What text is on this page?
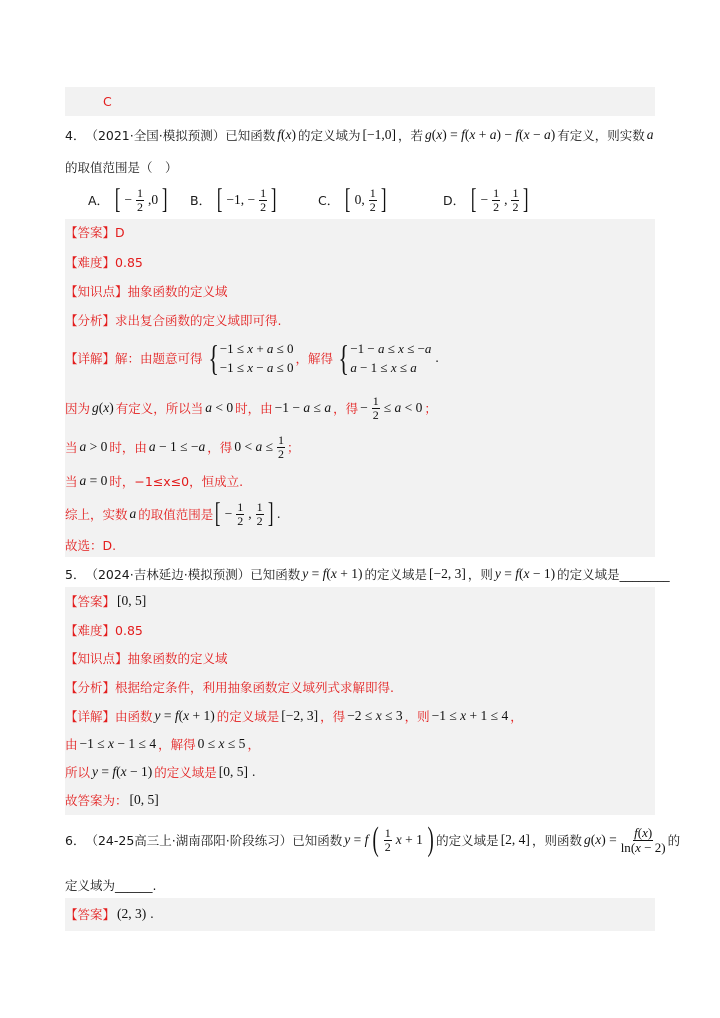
C
4． （2021·全国·模拟预测） 已知函数 f(x) 的定义域为 [−1,0] ，若 g(x) = f(x + a) − f(x − a) 有定义，则实数 a
的取值范围是（　）
A． [ − $\frac{1}{2} ,0$ ] B． [ −1, − $\frac{1}{2}$ ]	C． [ 0, $\frac{1}{2}$ ]	D． [ − $\frac{1}{2}$ , $\frac{1}{2}$ ]
【答案】 D
【难度】 0.85
【知识点】 抽象函数的定义域
【分析】 求出复合函数的定义域即可得.
【详解】 解：由题意可得 { −1 ≤ x + a ≤ 0
−1 ≤ x − a ≤ 0
，解得 { −1 − a ≤ x ≤ −a
a − 1 ≤ x ≤ a
.
因为 g(x) 有定义，所以当 a < 0 时，由 −1 − a ≤ a ，得 − $\frac{1}{2} \le a < 0$ ；
当 a > 0 时，由 a − 1 ≤ −a ，得 $0 < a \le \frac{1}{2}$ ；
当 a = 0 时，−1≤x≤0，恒成立.
综上，实数 a 的取值范围是 [ − $\frac{1}{2}$ , $\frac{1}{2}$ ] .
故选：D.
5． （2024·吉林延边·模拟预测） 已知函数 y = f(x + 1) 的定义域是 [−2, 3] ，则 y = f(x − 1) 的定义域是 ________
【答案】 [0, 5]
【难度】 0.85
【知识点】 抽象函数的定义域
【分析】 根据给定条件，利用抽象函数定义域列式求解即得.
【详解】 由函数 y = f(x + 1) 的定义域是 [−2, 3] ，得 −2 ≤ x ≤ 3 ，则 −1 ≤ x + 1 ≤ 4 ，
由 −1 ≤ x − 1 ≤ 4 ，解得 0 ≤ x ≤ 5 ，
所以 y = f(x − 1) 的定义域是 [0, 5] .
故答案为： [0, 5]
6． （24-25高三上·湖南邵阳·阶段练习） 已知函数 y = f ( $\frac{1}{2}$ x + 1 ) 的定义域是 [2, 4] ，则函数 $g(x) = \frac{f(x)}{\ln(x - 2)}$ 的
定义域为 ______ .
【答案】 (2, 3) .
